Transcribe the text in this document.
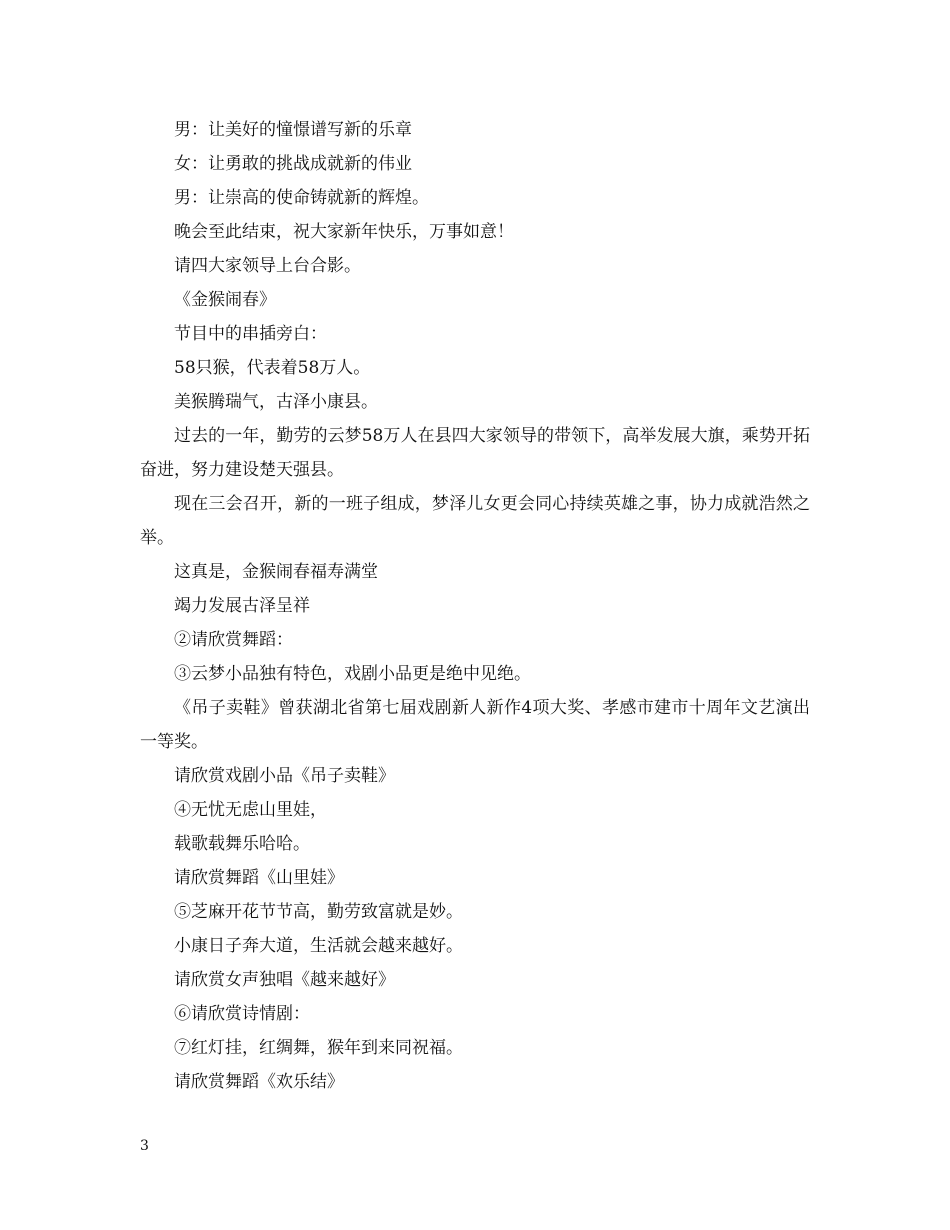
男：让美好的憧憬谱写新的乐章

女：让勇敢的挑战成就新的伟业

男：让崇高的使命铸就新的辉煌。

晚会至此结束，祝大家新年快乐，万事如意！

请四大家领导上台合影。

《金猴闹春》

节目中的串插旁白：

58只猴，代表着58万人。

美猴腾瑞气，古泽小康县。

过去的一年，勤劳的云梦58万人在县四大家领导的带领下，高举发展大旗，乘势开拓奋进，努力建设楚天强县。

现在三会召开，新的一班子组成，梦泽儿女更会同心持续英雄之事，协力成就浩然之举。

这真是，金猴闹春福寿满堂

竭力发展古泽呈祥

②请欣赏舞蹈：

③云梦小品独有特色，戏剧小品更是绝中见绝。

《吊子卖鞋》曾获湖北省第七届戏剧新人新作4项大奖、孝感市建市十周年文艺演出一等奖。

请欣赏戏剧小品《吊子卖鞋》

④无忧无虑山里娃，

载歌载舞乐哈哈。

请欣赏舞蹈《山里娃》

⑤芝麻开花节节高，勤劳致富就是妙。

小康日子奔大道，生活就会越来越好。

请欣赏女声独唱《越来越好》

⑥请欣赏诗情剧：

⑦红灯挂，红绸舞，猴年到来同祝福。

请欣赏舞蹈《欢乐结》

3
